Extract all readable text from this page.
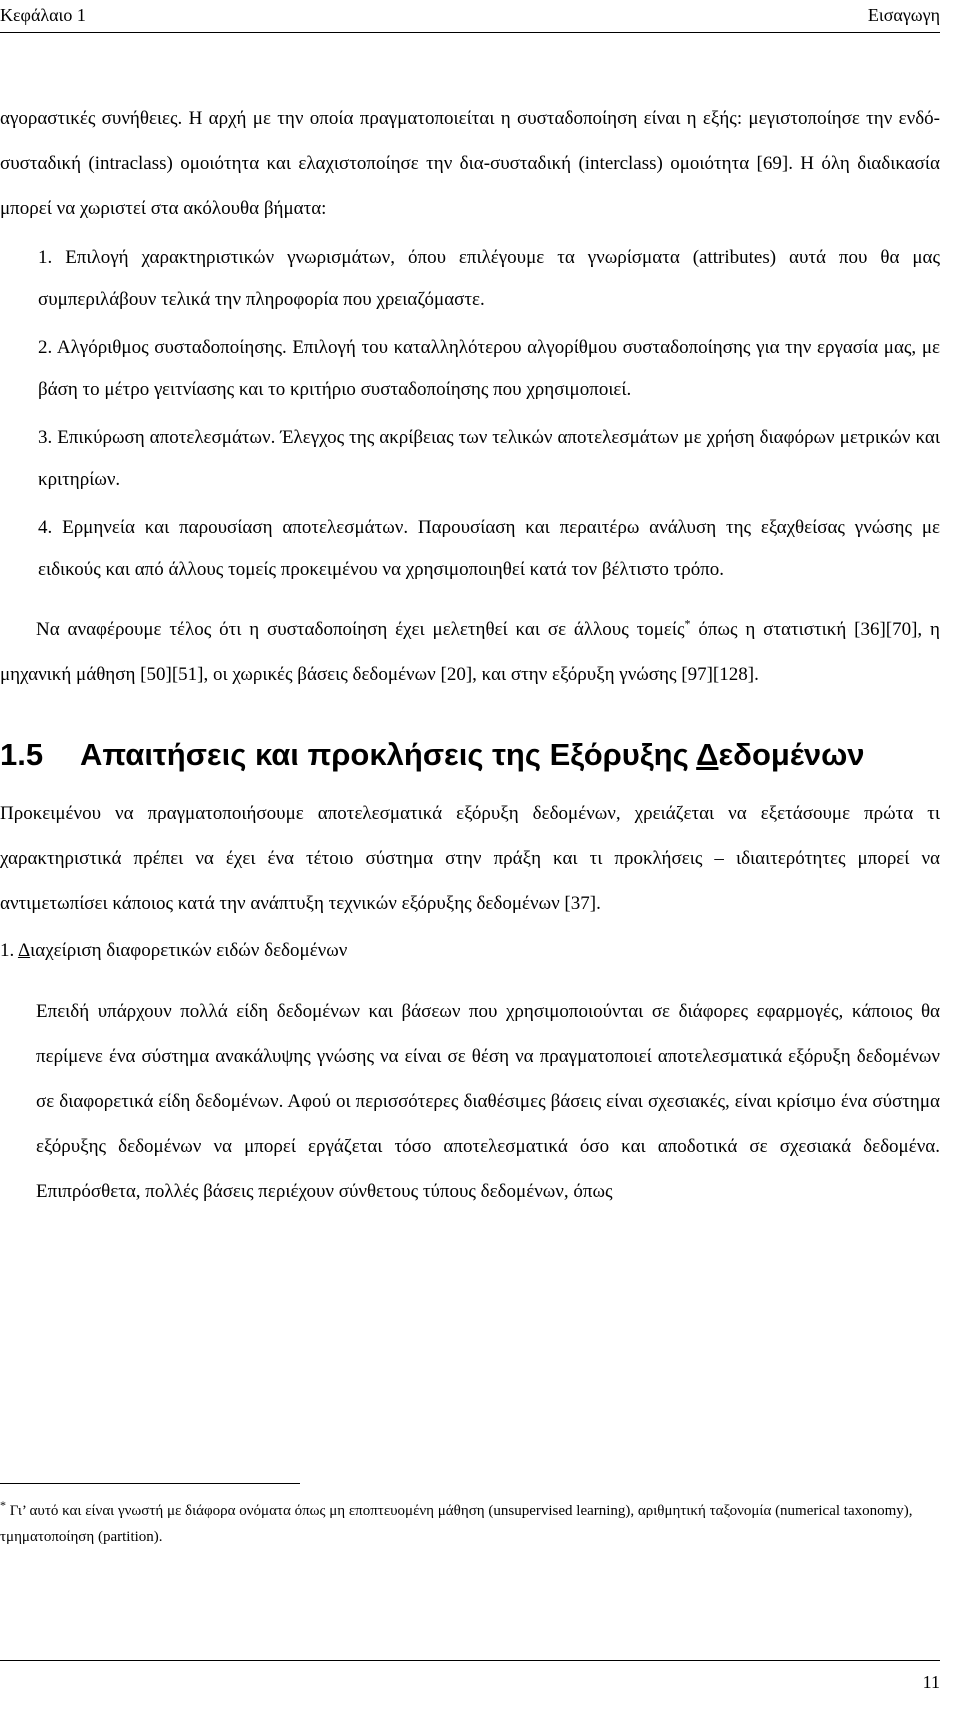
Κεφάλαιο 1	Εισαγωγη

αγοραστικές συνήθειες. Η αρχή με την οποία πραγματοποιείται η συσταδοποίηση είναι η εξής: μεγιστοποίησε την ενδό-συσταδική (intraclass) ομοιότητα και ελαχιστοποίησε την δια-συσταδική (interclass) ομοιότητα [69]. Η όλη διαδικασία μπορεί να χωριστεί στα ακόλουθα βήματα:

1. Επιλογή χαρακτηριστικών γνωρισμάτων, όπου επιλέγουμε τα γνωρίσματα (attributes) αυτά που θα μας συμπεριλάβουν τελικά την πληροφορία που χρειαζόμαστε.

2. Αλγόριθμος συσταδοποίησης. Επιλογή του καταλληλότερου αλγορίθμου συσταδοποίησης για την εργασία μας, με βάση το μέτρο γειτνίασης και το κριτήριο συσταδοποίησης που χρησιμοποιεί.

3. Επικύρωση αποτελεσμάτων. Έλεγχος της ακρίβειας των τελικών αποτελεσμάτων με χρήση διαφόρων μετρικών και κριτηρίων.

4. Ερμηνεία και παρουσίαση αποτελεσμάτων. Παρουσίαση και περαιτέρω ανάλυση της εξαχθείσας γνώσης με ειδικούς και από άλλους τομείς προκειμένου να χρησιμοποιηθεί κατά τον βέλτιστο τρόπο.

Να αναφέρουμε τέλος ότι η συσταδοποίηση έχει μελετηθεί και σε άλλους τομείς* όπως η στατιστική [36][70], η μηχανική μάθηση [50][51], οι χωρικές βάσεις δεδομένων [20], και στην εξόρυξη γνώσης [97][128].

1.5 Απαιτήσεις και προκλήσεις της Εξόρυξης Δεδομένων

Προκειμένου να πραγματοποιήσουμε αποτελεσματικά εξόρυξη δεδομένων, χρειάζεται να εξετάσουμε πρώτα τι χαρακτηριστικά πρέπει να έχει ένα τέτοιο σύστημα στην πράξη και τι προκλήσεις – ιδιαιτερότητες μπορεί να αντιμετωπίσει κάποιος κατά την ανάπτυξη τεχνικών εξόρυξης δεδομένων [37].

1. Διαχείριση διαφορετικών ειδών δεδομένων

Επειδή υπάρχουν πολλά είδη δεδομένων και βάσεων που χρησιμοποιούνται σε διάφορες εφαρμογές, κάποιος θα περίμενε ένα σύστημα ανακάλυψης γνώσης να είναι σε θέση να πραγματοποιεί αποτελεσματικά εξόρυξη δεδομένων σε διαφορετικά είδη δεδομένων. Αφού οι περισσότερες διαθέσιμες βάσεις είναι σχεσιακές, είναι κρίσιμο ένα σύστημα εξόρυξης δεδομένων να μπορεί εργάζεται τόσο αποτελεσματικά όσο και αποδοτικά σε σχεσιακά δεδομένα. Επιπρόσθετα, πολλές βάσεις περιέχουν σύνθετους τύπους δεδομένων, όπως

* Γι’ αυτό και είναι γνωστή με διάφορα ονόματα όπως μη εποπτευομένη μάθηση (unsupervised learning), αριθμητική ταξονομία (numerical taxonomy), τμηματοποίηση (partition).
11
